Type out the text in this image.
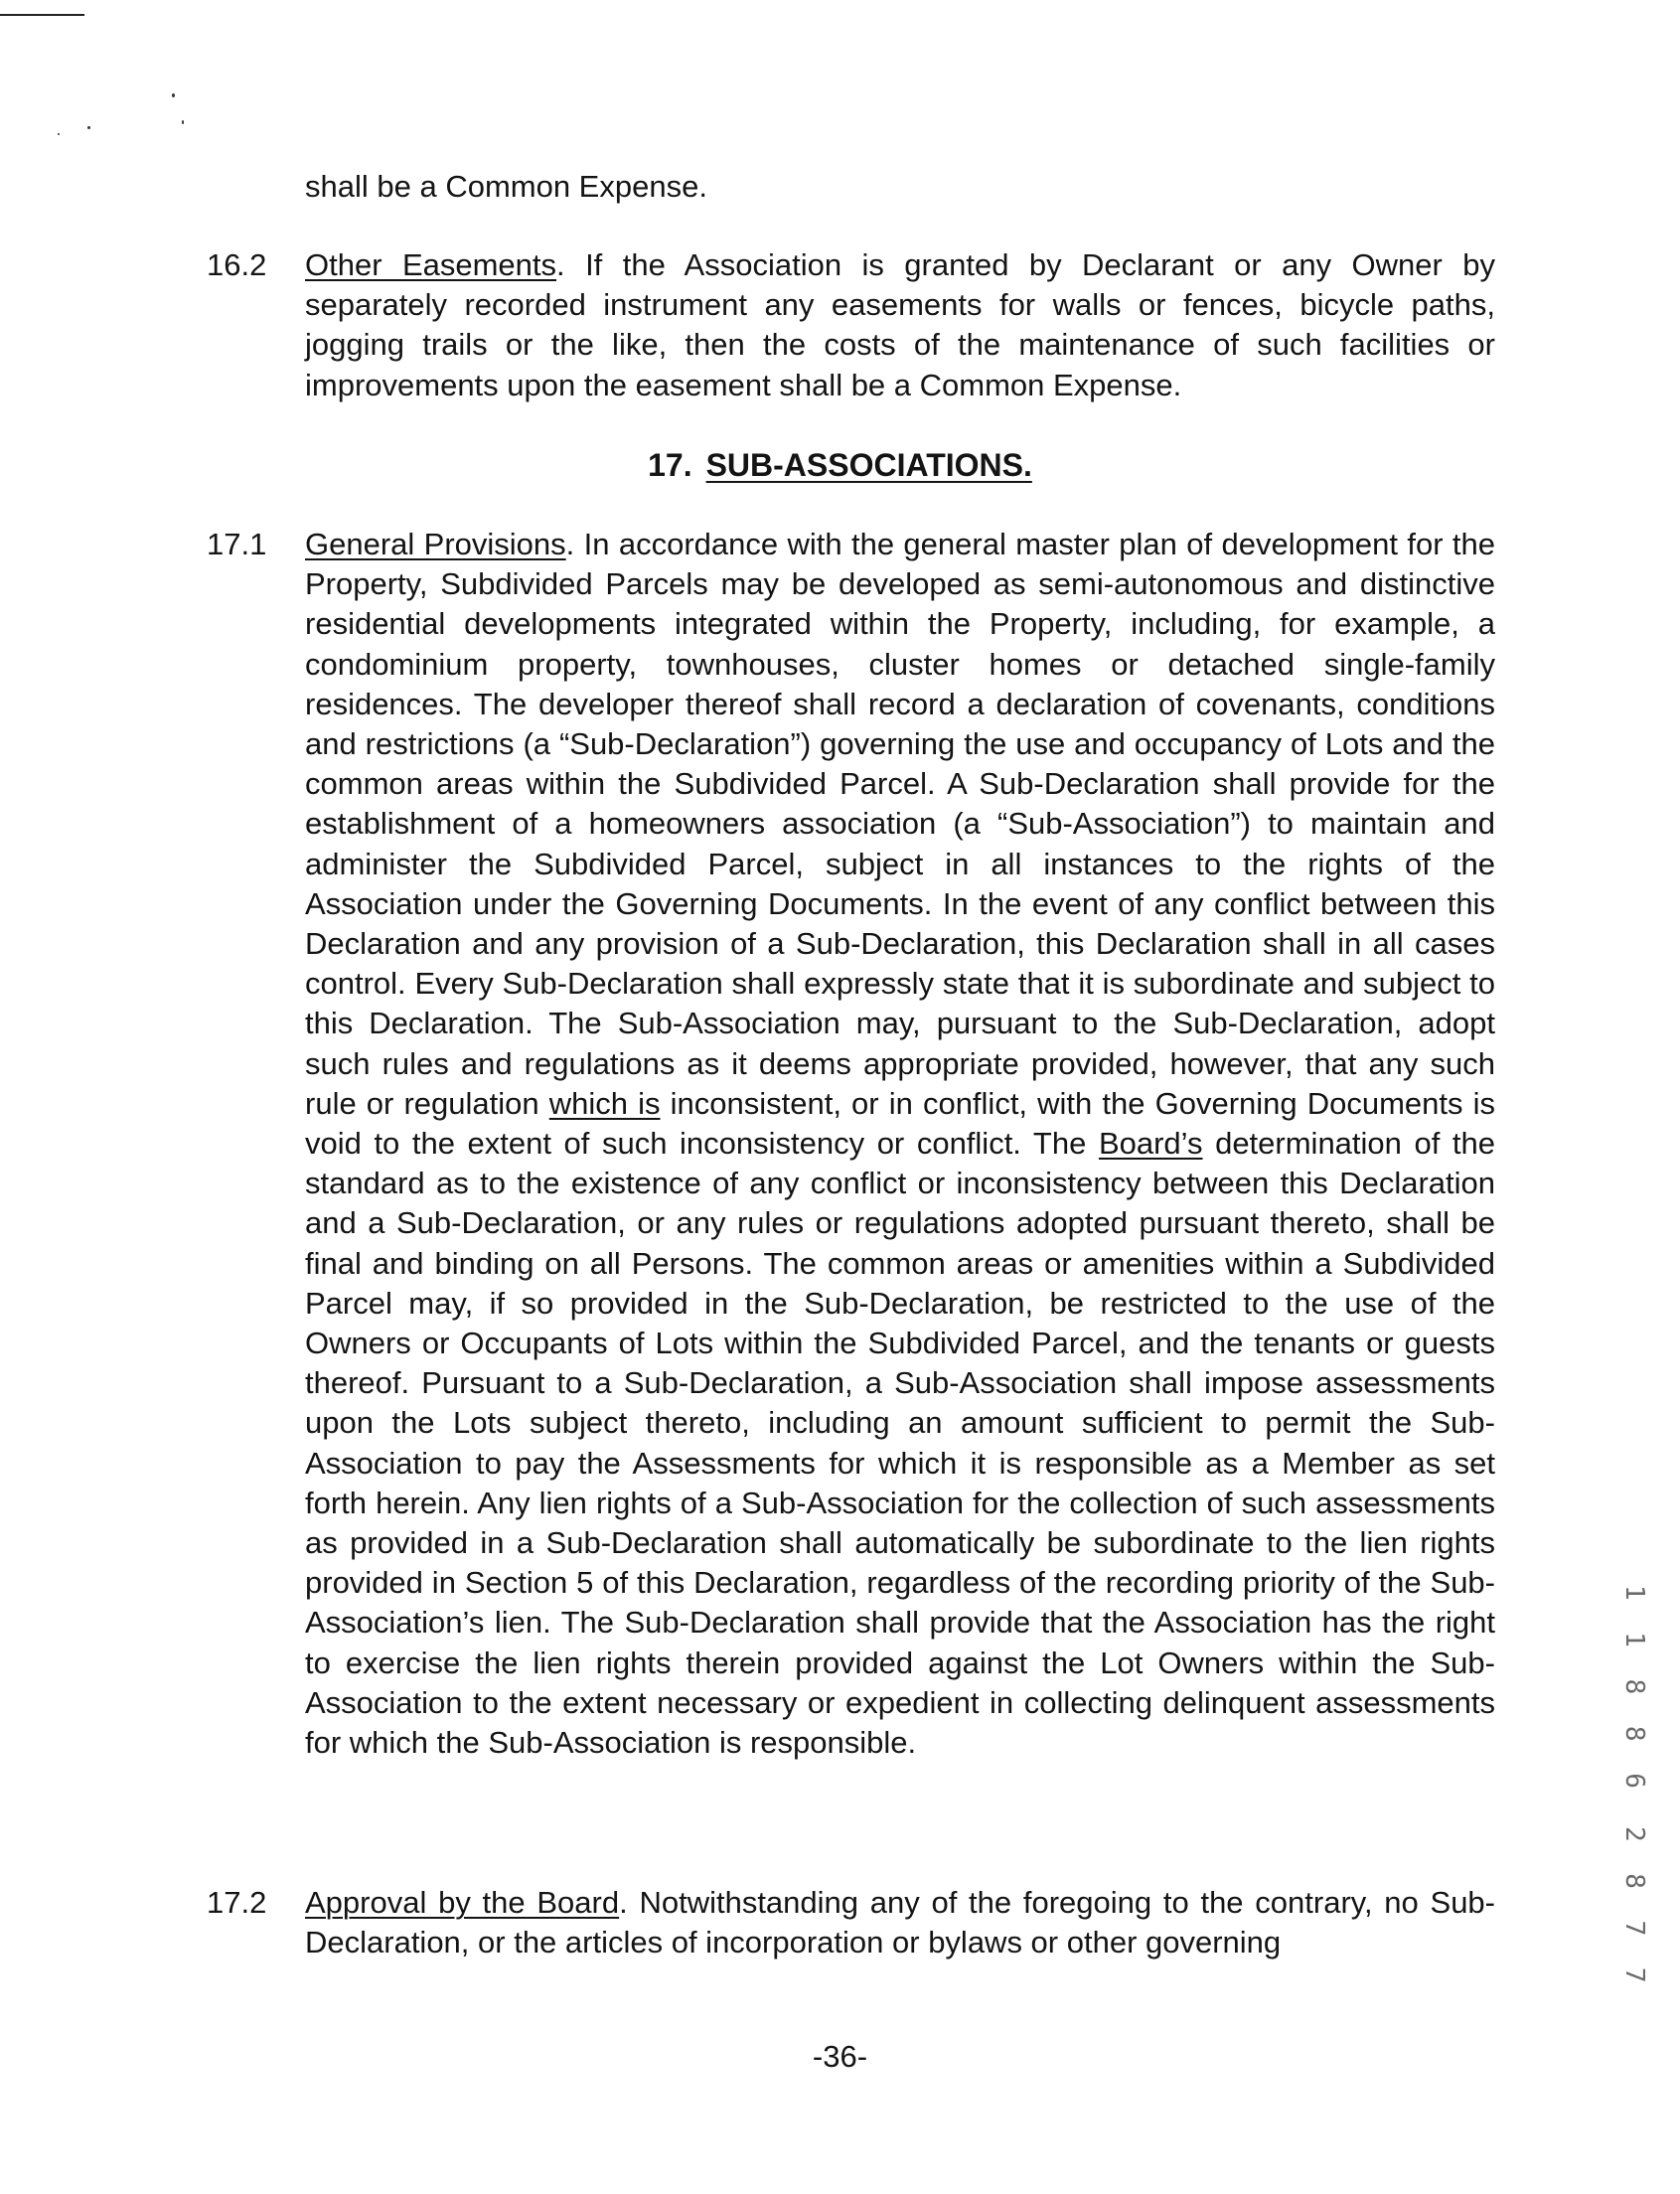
shall be a Common Expense.
16.2 Other Easements. If the Association is granted by Declarant or any Owner by separately recorded instrument any easements for walls or fences, bicycle paths, jogging trails or the like, then the costs of the maintenance of such facilities or improvements upon the easement shall be a Common Expense.
17. SUB-ASSOCIATIONS.
17.1 General Provisions. In accordance with the general master plan of development for the Property, Subdivided Parcels may be developed as semi-autonomous and distinctive residential developments integrated within the Property, including, for example, a condominium property, townhouses, cluster homes or detached single-family residences. The developer thereof shall record a declaration of covenants, conditions and restrictions (a “Sub-Declaration”) governing the use and occupancy of Lots and the common areas within the Subdivided Parcel. A Sub-Declaration shall provide for the establishment of a homeowners association (a “Sub-Association”) to maintain and administer the Subdivided Parcel, subject in all instances to the rights of the Association under the Governing Documents. In the event of any conflict between this Declaration and any provision of a Sub-Declaration, this Declaration shall in all cases control. Every Sub-Declaration shall expressly state that it is subordinate and subject to this Declaration. The Sub-Association may, pursuant to the Sub-Declaration, adopt such rules and regulations as it deems appropriate provided, however, that any such rule or regulation which is inconsistent, or in conflict, with the Governing Documents is void to the extent of such inconsistency or conflict. The Board’s determination of the standard as to the existence of any conflict or inconsistency between this Declaration and a Sub-Declaration, or any rules or regulations adopted pursuant thereto, shall be final and binding on all Persons. The common areas or amenities within a Subdivided Parcel may, if so provided in the Sub-Declaration, be restricted to the use of the Owners or Occupants of Lots within the Subdivided Parcel, and the tenants or guests thereof. Pursuant to a Sub-Declaration, a Sub-Association shall impose assessments upon the Lots subject thereto, including an amount sufficient to permit the Sub-Association to pay the Assessments for which it is responsible as a Member as set forth herein. Any lien rights of a Sub-Association for the collection of such assessments as provided in a Sub-Declaration shall automatically be subordinate to the lien rights provided in Section 5 of this Declaration, regardless of the recording priority of the Sub-Association’s lien. The Sub-Declaration shall provide that the Association has the right to exercise the lien rights therein provided against the Lot Owners within the Sub-Association to the extent necessary or expedient in collecting delinquent assessments for which the Sub-Association is responsible.
17.2 Approval by the Board. Notwithstanding any of the foregoing to the contrary, no Sub-Declaration, or the articles of incorporation or bylaws or other governing
-36-
1 1 8 8 6
2 8 7 7
